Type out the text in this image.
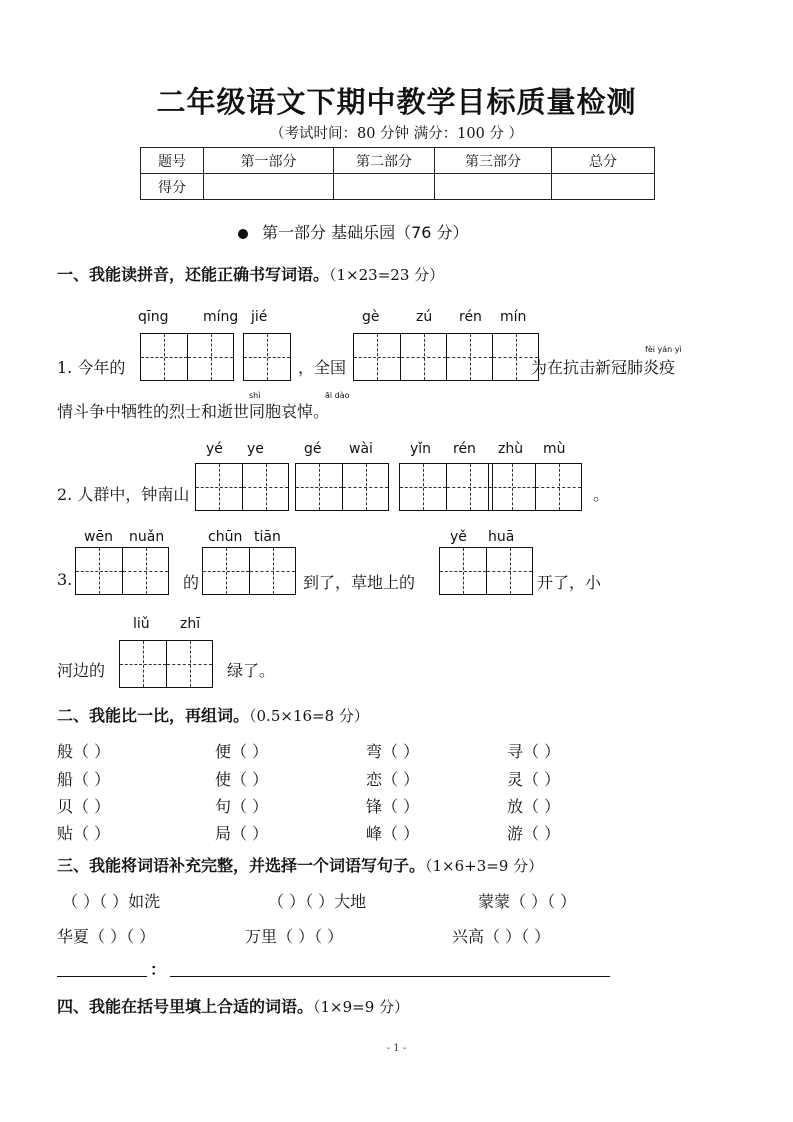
二年级语文下期中教学目标质量检测
（考试时间：80 分钟 满分：100 分 ）
题号	第一部分	第二部分	第三部分	总分
得分				
第一部分 基础乐园（76 分）
一、我能读拼音，还能正确书写词语。（1×23=23 分）
qīng míng jié	gè	zú rén mín
1. 今年的	，全国
fèi yán yì
为在抗击新冠肺炎疫
shì	āi dào
情斗争中牺牲的烈士和逝世同胞哀悼。
yé ye	gé wài	yǐn rén zhù mù
2. 人群中，钟南山	。
wēn nuǎn	chūn tiān	yě huā
3.	的	到了，草地上的	开了，小
liǔ zhī
河边的	绿了。
二、我能比一比，再组词。（0.5×16=8 分）
般（ ）	便（ ）	弯（ ）	寻（ ）
船（ ）	使（ ）	恋（ ）	灵（ ）
贝（ ）	句（ ）	锋（ ）	放（ ）
贴（ ）	局（ ）	峰（ ）	游（ ）
三、我能将词语补充完整，并选择一个词语写句子。（1×6+3=9 分）
（ ）（ ）如洗	（ ）（ ）大地	蒙蒙（ ）（ ）
华夏（ ）（ ）	万里（ ）（ ）	兴高（ ）（ ）
：
四、我能在括号里填上合适的词语。（1×9=9 分）
- 1 -
